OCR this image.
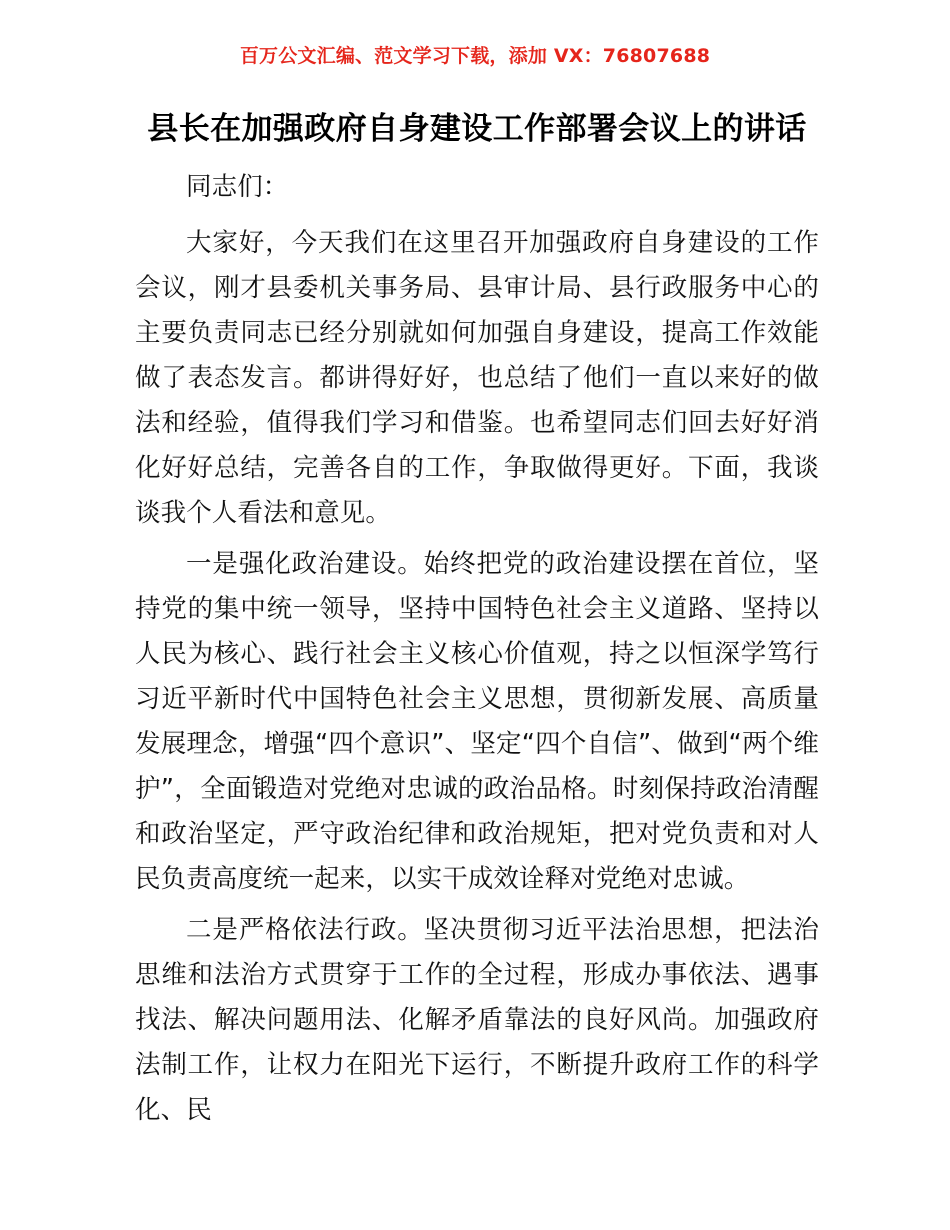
百万公文汇编、范文学习下载，添加 VX：76807688
县长在加强政府自身建设工作部署会议上的讲话

同志们：

大家好，今天我们在这里召开加强政府自身建设的工作会议，刚才县委机关事务局、县审计局、县行政服务中心的主要负责同志已经分别就如何加强自身建设，提高工作效能做了表态发言。都讲得好好，也总结了他们一直以来好的做法和经验，值得我们学习和借鉴。也希望同志们回去好好消化好好总结，完善各自的工作，争取做得更好。下面，我谈谈我个人看法和意见。

一是强化政治建设。始终把党的政治建设摆在首位，坚持党的集中统一领导，坚持中国特色社会主义道路、坚持以人民为核心、践行社会主义核心价值观，持之以恒深学笃行习近平新时代中国特色社会主义思想，贯彻新发展、高质量发展理念，增强“四个意识”、坚定“四个自信”、做到“两个维护”，全面锻造对党绝对忠诚的政治品格。时刻保持政治清醒和政治坚定，严守政治纪律和政治规矩，把对党负责和对人民负责高度统一起来，以实干成效诠释对党绝对忠诚。

二是严格依法行政。坚决贯彻习近平法治思想，把法治思维和法治方式贯穿于工作的全过程，形成办事依法、遇事找法、解决问题用法、化解矛盾靠法的良好风尚。加强政府法制工作，让权力在阳光下运行，不断提升政府工作的科学化、民
